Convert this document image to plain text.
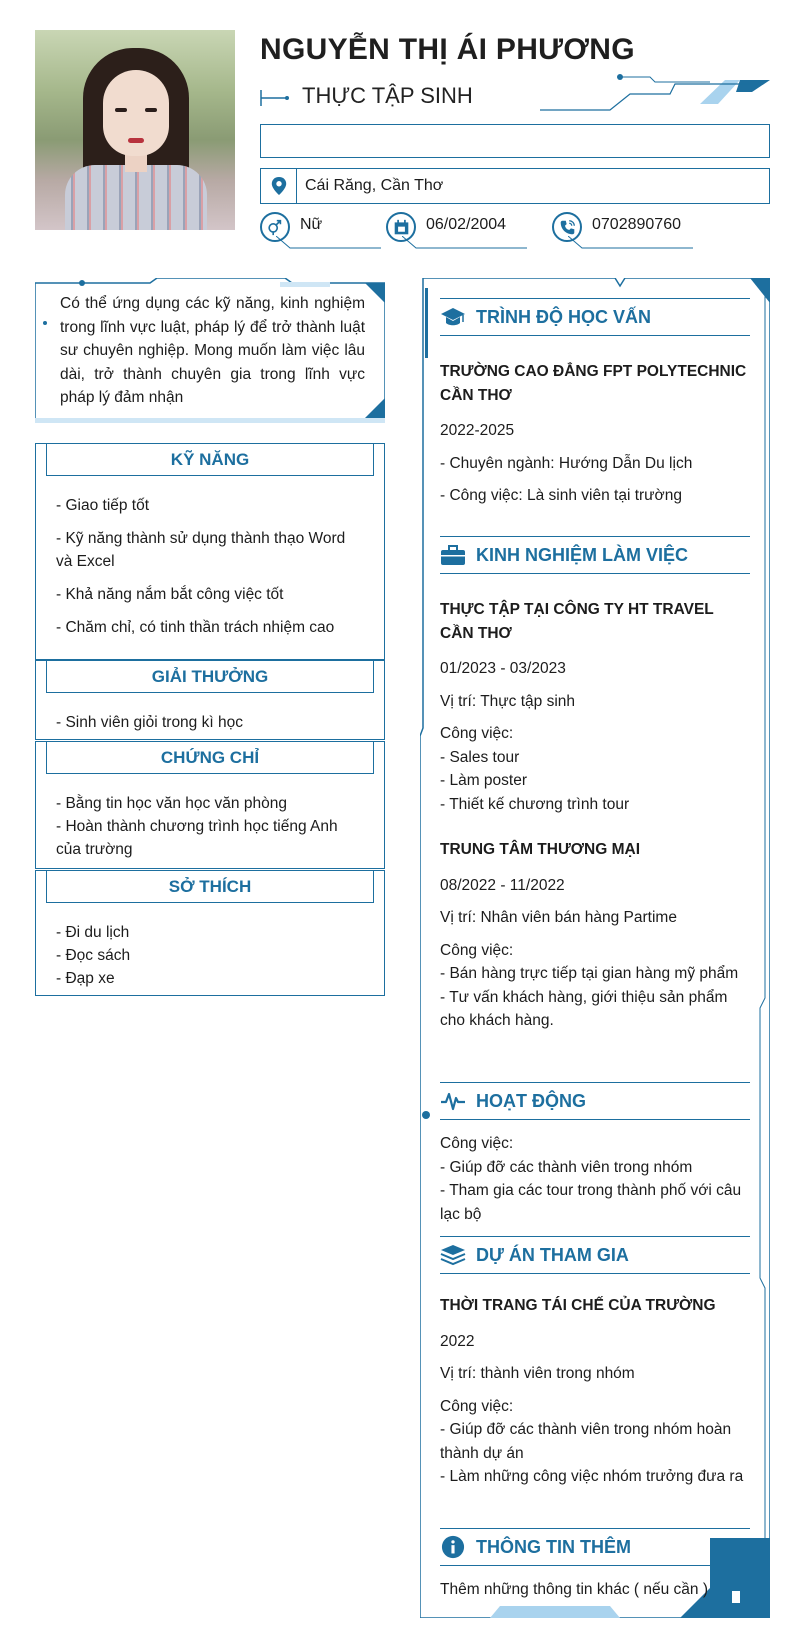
NGUYỄN THỊ ÁI PHƯƠNG
THỰC TẬP SINH
Cái Răng, Cần Thơ
Nữ	06/02/2004	0702890760

Có thể ứng dụng các kỹ năng, kinh nghiệm trong lĩnh vực luật, pháp lý để trở thành luật sư chuyên nghiệp. Mong muốn làm việc lâu dài, trở thành chuyên gia trong lĩnh vực pháp lý đảm nhận

KỸ NĂNG
- Giao tiếp tốt
- Kỹ năng thành sử dụng thành thạo Word và Excel
- Khả năng nắm bắt công việc tốt
- Chăm chỉ, có tinh thần trách nhiệm cao
GIẢI THƯỞNG
- Sinh viên giỏi trong kì học
CHỨNG CHỈ
- Bằng tin học văn học văn phòng
- Hoàn thành chương trình học tiếng Anh của trường
SỞ THÍCH
- Đi du lịch
- Đọc sách
- Đạp xe
TRÌNH ĐỘ HỌC VẤN
TRƯỜNG CAO ĐẲNG FPT POLYTECHNIC CẦN THƠ
2022-2025
- Chuyên ngành: Hướng Dẫn Du lịch
- Công việc: Là sinh viên tại trường
KINH NGHIỆM LÀM VIỆC
THỰC TẬP TẠI CÔNG TY HT TRAVEL CẦN THƠ
01/2023 - 03/2023
Vị trí: Thực tập sinh
Công việc:
- Sales tour
- Làm poster
- Thiết kế chương trình tour
TRUNG TÂM THƯƠNG MẠI
08/2022 - 11/2022
Vị trí: Nhân viên bán hàng Partime
Công việc:
- Bán hàng trực tiếp tại gian hàng mỹ phẩm
- Tư vấn khách hàng, giới thiệu sản phẩm cho khách hàng.
HOẠT ĐỘNG
Công việc:
- Giúp đỡ các thành viên trong nhóm
- Tham gia các tour trong thành phố với câu lạc bộ
DỰ ÁN THAM GIA
THỜI TRANG TÁI CHẾ CỦA TRƯỜNG
2022
Vị trí: thành viên trong nhóm
Công việc:
- Giúp đỡ các thành viên trong nhóm hoàn thành dự án
- Làm những công việc nhóm trưởng đưa ra
THÔNG TIN THÊM
Thêm những thông tin khác ( nếu cần )
